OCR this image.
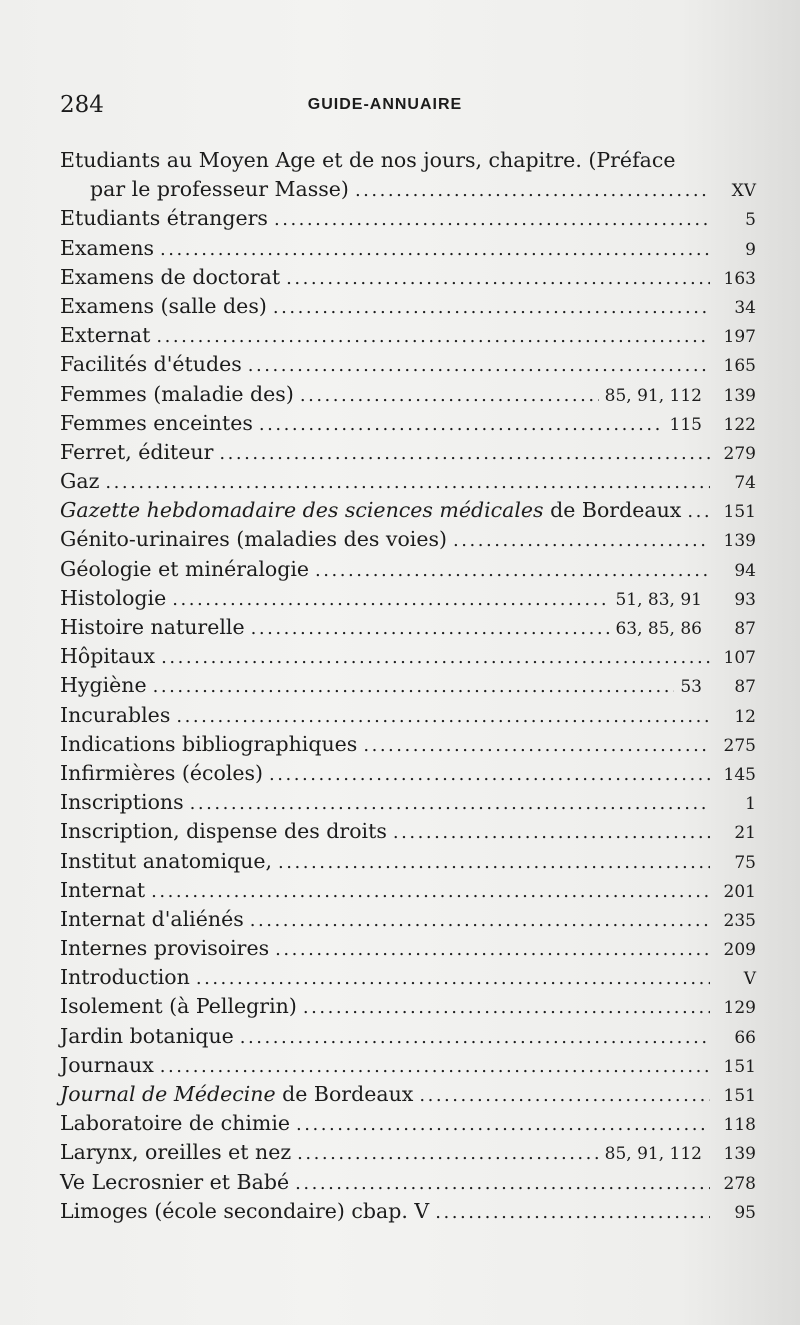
284	GUIDE-ANNUAIRE
Etudiants au Moyen Age et de nos jours, chapitre. (Préface
par le professeur Masse) . . .	XV
Etudiants étrangers . . .	5
Examens . . .	9
Examens de doctorat . . .	163
Examens (salle des) . . .	34
Externat . . .	197
Facilités d'études . . .	165
Femmes (maladie des) . . .	85, 91, 112	139
Femmes enceintes . . .	115	122
Ferret, éditeur . . .	279
Gaz . . .	74
Gazette hebdomadaire des sciences médicales de Bordeaux . . .	151
Génito-urinaires (maladies des voies) . . .	139
Géologie et minéralogie . . .	94
Histologie . . .	51, 83, 91	93
Histoire naturelle . . .	63, 85, 86	87
Hôpitaux . . .	107
Hygiène . . .	53	87
Incurables . . .	12
Indications bibliographiques . . .	275
Infirmières (écoles) . . .	145
Inscriptions . . .	1
Inscription, dispense des droits . . .	21
Institut anatomique, . . .	75
Internat . . .	201
Internat d'aliénés . . .	235
Internes provisoires . . .	209
Introduction . . .	V
Isolement (à Pellegrin) . . .	129
Jardin botanique . . .	66
Journaux . . .	151
Journal de Médecine de Bordeaux . . .	151
Laboratoire de chimie . . .	118
Larynx, oreilles et nez . . .	85, 91, 112	139
Ve Lecrosnier et Babé . . .	278
Limoges (école secondaire) cbap. V . . .	95
